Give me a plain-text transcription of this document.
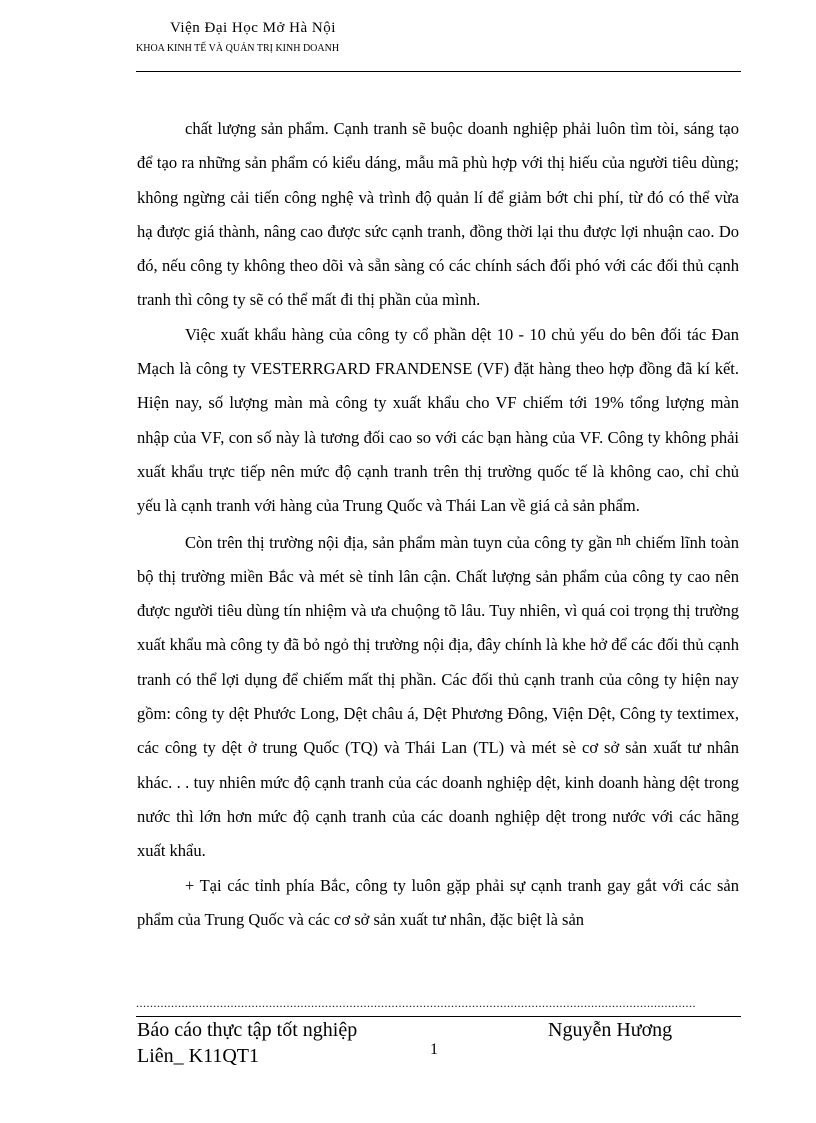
Viện Đại Học Mở Hà Nội
KHOA KINH TẾ VÀ QUẢN TRỊ KINH DOANH

chất lượng sản phẩm. Cạnh tranh sẽ buộc doanh nghiệp phải luôn tìm tòi, sáng tạo để tạo ra những sản phẩm có kiểu dáng, mẫu mã phù hợp với thị hiếu của người tiêu dùng; không ngừng cải tiến công nghệ và trình độ quản lí để giảm bớt chi phí, từ đó có thể vừa hạ được giá thành, nâng cao được sức cạnh tranh, đồng thời lại thu được lợi nhuận cao. Do đó, nếu công ty không theo dõi và sẵn sàng có các chính sách đối phó với các đối thủ cạnh tranh thì công ty sẽ có thể mất đi thị phần của mình.

Việc xuất khẩu hàng của công ty cổ phần dệt 10 - 10 chủ yếu do bên đối tác Đan Mạch là công ty VESTERRGARD FRANDENSE (VF) đặt hàng theo hợp đồng đã kí kết. Hiện nay, số lượng màn mà công ty xuất khẩu cho VF chiếm tới 19% tổng lượng màn nhập của VF, con số này là tương đối cao so với các bạn hàng của VF. Công ty không phải xuất khẩu trực tiếp nên mức độ cạnh tranh trên thị trường quốc tế là không cao, chỉ chủ yếu là cạnh tranh với hàng của Trung Quốc và Thái Lan về giá cả sản phẩm.

Còn trên thị trường nội địa, sản phẩm màn tuyn của công ty gần nh chiếm lĩnh toàn bộ thị trường miền Bắc và mét sè tỉnh lân cận. Chất lượng sản phẩm của công ty cao nên được người tiêu dùng tín nhiệm và ưa chuộng tõ lâu. Tuy nhiên, vì quá coi trọng thị trường xuất khẩu mà công ty đã bỏ ngỏ thị trường nội địa, đây chính là khe hở để các đối thủ cạnh tranh có thể lợi dụng để chiếm mất thị phần. Các đối thủ cạnh tranh của công ty hiện nay gồm: công ty dệt Phước Long, Dệt châu á, Dệt Phương Đông, Viện Dệt, Công ty textimex, các công ty dệt ở trung Quốc (TQ) và Thái Lan (TL) và mét sè cơ sở sản xuất tư nhân khác. . . tuy nhiên mức độ cạnh tranh của các doanh nghiệp dệt, kinh doanh hàng dệt trong nước thì lớn hơn mức độ cạnh tranh của các doanh nghiệp dệt trong nước với các hãng xuất khẩu.

+ Tại các tỉnh phía Bắc, công ty luôn gặp phải sự cạnh tranh gay gắt với các sản phẩm của Trung Quốc và các cơ sở sản xuất tư nhân, đặc biệt là sản

................................................................................................................................................................
Báo cáo thực tập tốt nghiệp
Liên_ K11QT1
Nguyễn Hương
1
